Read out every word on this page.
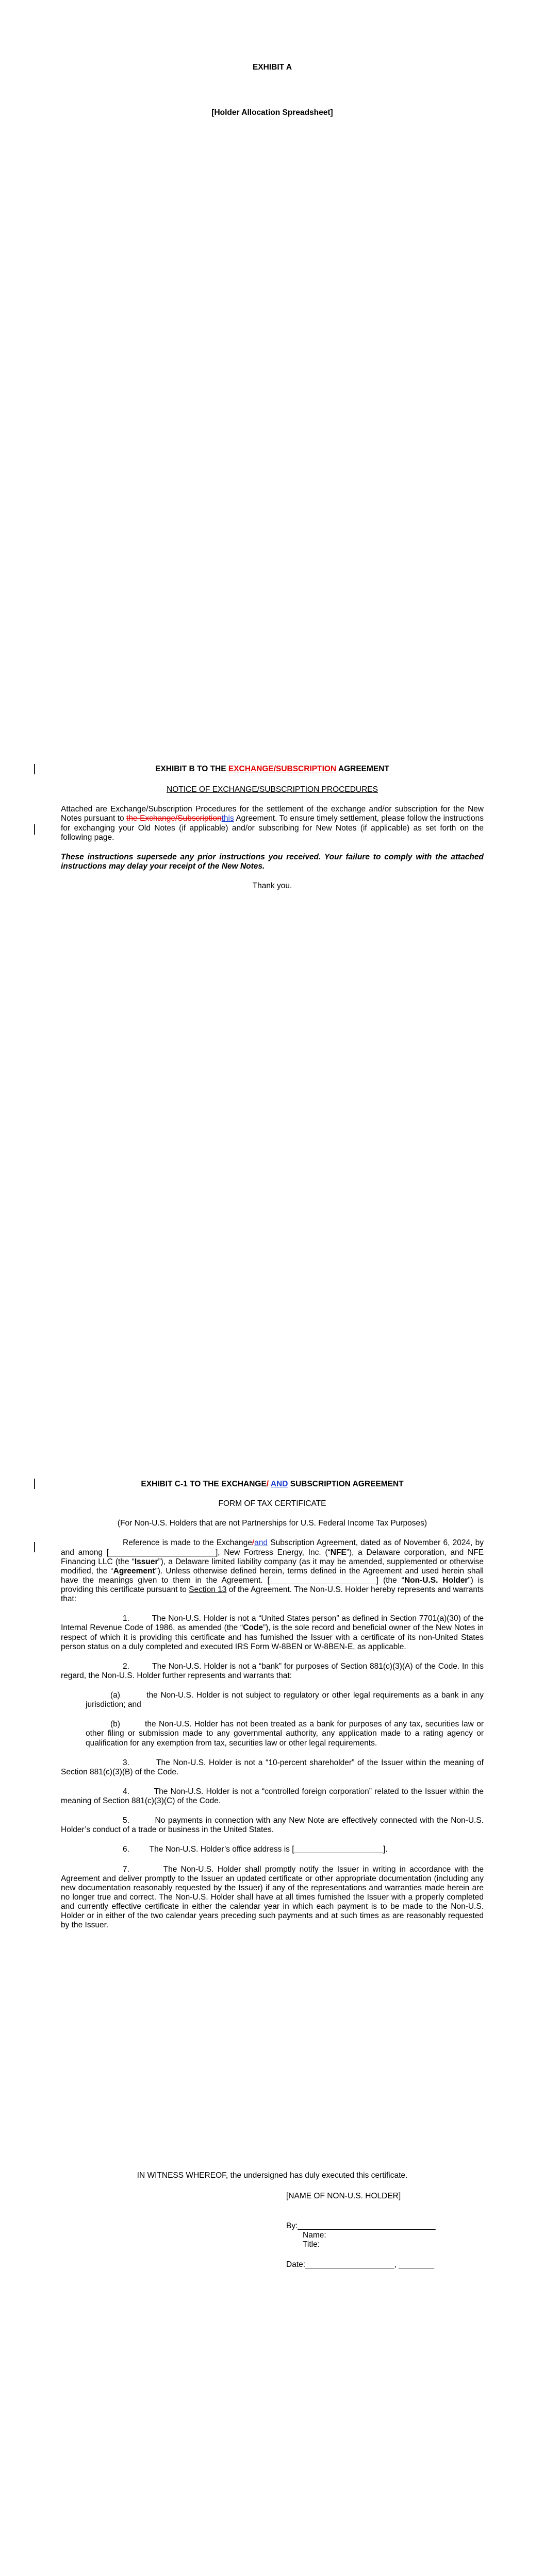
EXHIBIT A

[Holder Allocation Spreadsheet]

EXHIBIT B TO THE EXCHANGE/SUBSCRIPTION AGREEMENT

NOTICE OF EXCHANGE/SUBSCRIPTION PROCEDURES

Attached are Exchange/Subscription Procedures for the settlement of the exchange and/or subscription for the New Notes pursuant to the Exchange/Subscriptionthis Agreement. To ensure timely settlement, please follow the instructions for exchanging your Old Notes (if applicable) and/or subscribing for New Notes (if applicable) as set forth on the following page.

These instructions supersede any prior instructions you received. Your failure to comply with the attached instructions may delay your receipt of the New Notes.

Thank you.

EXHIBIT C-1 TO THE EXCHANGE/ AND SUBSCRIPTION AGREEMENT

FORM OF TAX CERTIFICATE

(For Non-U.S. Holders that are not Partnerships for U.S. Federal Income Tax Purposes)

Reference is made to the Exchange/and Subscription Agreement, dated as of November 6, 2024, by and among [________________________], New Fortress Energy, Inc. (“NFE”), a Delaware corporation, and NFE Financing LLC (the “Issuer”), a Delaware limited liability company (as it may be amended, supplemented or otherwise modified, the “Agreement”). Unless otherwise defined herein, terms defined in the Agreement and used herein shall have the meanings given to them in the Agreement. [________________________] (the “Non-U.S. Holder”) is providing this certificate pursuant to Section 13 of the Agreement. The Non-U.S. Holder hereby represents and warrants that:

1.         The Non-U.S. Holder is not a “United States person” as defined in Section 7701(a)(30) of the Internal Revenue Code of 1986, as amended (the “Code”), is the sole record and beneficial owner of the New Notes in respect of which it is providing this certificate and has furnished the Issuer with a certificate of its non-United States person status on a duly completed and executed IRS Form W-8BEN or W-8BEN-E, as applicable.

2.         The Non-U.S. Holder is not a “bank” for purposes of Section 881(c)(3)(A) of the Code. In this regard, the Non-U.S. Holder further represents and warrants that:

(a)         the Non-U.S. Holder is not subject to regulatory or other legal requirements as a bank in any jurisdiction; and

(b)         the Non-U.S. Holder has not been treated as a bank for purposes of any tax, securities law or other filing or submission made to any governmental authority, any application made to a rating agency or qualification for any exemption from tax, securities law or other legal requirements.

3.         The Non-U.S. Holder is not a “10-percent shareholder” of the Issuer within the meaning of Section 881(c)(3)(B) of the Code.

4.         The Non-U.S. Holder is not a “controlled foreign corporation” related to the Issuer within the meaning of Section 881(c)(3)(C) of the Code.

5.         No payments in connection with any New Note are effectively connected with the Non-U.S. Holder’s conduct of a trade or business in the United States.

6.         The Non-U.S. Holder’s office address is [____________________].

7.         The Non-U.S. Holder shall promptly notify the Issuer in writing in accordance with the Agreement and deliver promptly to the Issuer an updated certificate or other appropriate documentation (including any new documentation reasonably requested by the Issuer) if any of the representations and warranties made herein are no longer true and correct. The Non-U.S. Holder shall have at all times furnished the Issuer with a properly completed and currently effective certificate in either the calendar year in which each payment is to be made to the Non-U.S. Holder or in either of the two calendar years preceding such payments and at such times as are reasonably requested by the Issuer.

IN WITNESS WHEREOF, the undersigned has duly executed this certificate.

[NAME OF NON-U.S. HOLDER]

By:_______________________________

Name:

Title:

Date:____________________, ________
